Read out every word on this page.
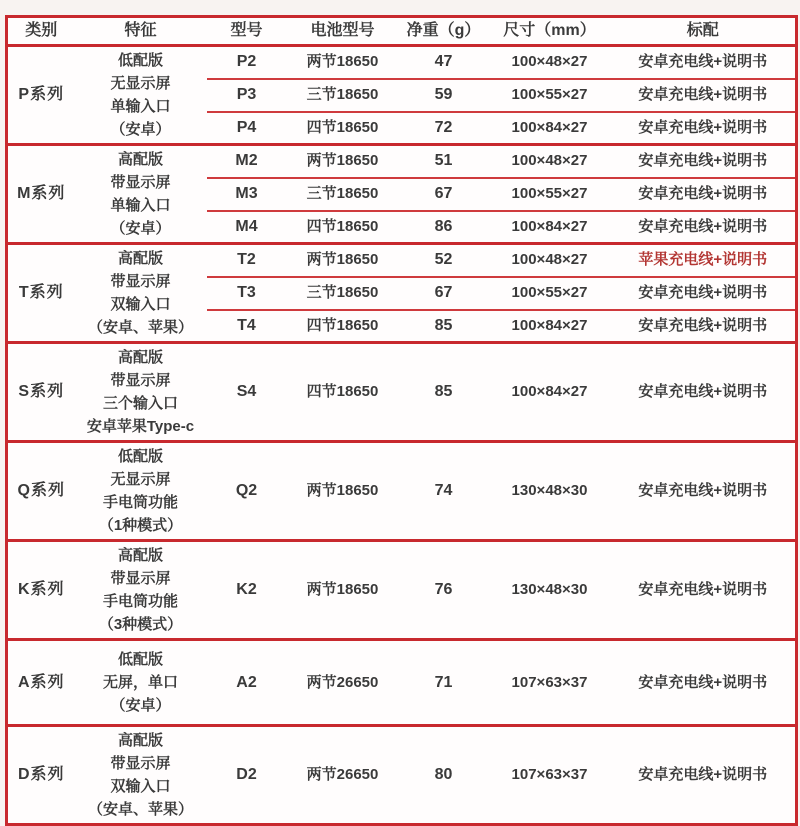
类别	特征	型号	电池型号	净重（g）	尺寸（mm）	标配
P系列	低配版
无显示屏
单输入口
（安卓）	P2	两节18650	47	100×48×27	安卓充电线+说明书
		P3	三节18650	59	100×55×27	安卓充电线+说明书
		P4	四节18650	72	100×84×27	安卓充电线+说明书
M系列	高配版
带显示屏
单输入口
（安卓）	M2	两节18650	51	100×48×27	安卓充电线+说明书
		M3	三节18650	67	100×55×27	安卓充电线+说明书
		M4	四节18650	86	100×84×27	安卓充电线+说明书
T系列	高配版
带显示屏
双输入口
（安卓、苹果）	T2	两节18650	52	100×48×27	苹果充电线+说明书
		T3	三节18650	67	100×55×27	安卓充电线+说明书
		T4	四节18650	85	100×84×27	安卓充电线+说明书
S系列	高配版
带显示屏
三个输入口
安卓苹果Type-c	S4	四节18650	85	100×84×27	安卓充电线+说明书
Q系列	低配版
无显示屏
手电筒功能
（1种模式）	Q2	两节18650	74	130×48×30	安卓充电线+说明书
K系列	高配版
带显示屏
手电筒功能
（3种模式）	K2	两节18650	76	130×48×30	安卓充电线+说明书
A系列	低配版
无屏，单口
（安卓）	A2	两节26650	71	107×63×37	安卓充电线+说明书
D系列	高配版
带显示屏
双输入口
（安卓、苹果）	D2	两节26650	80	107×63×37	安卓充电线+说明书
